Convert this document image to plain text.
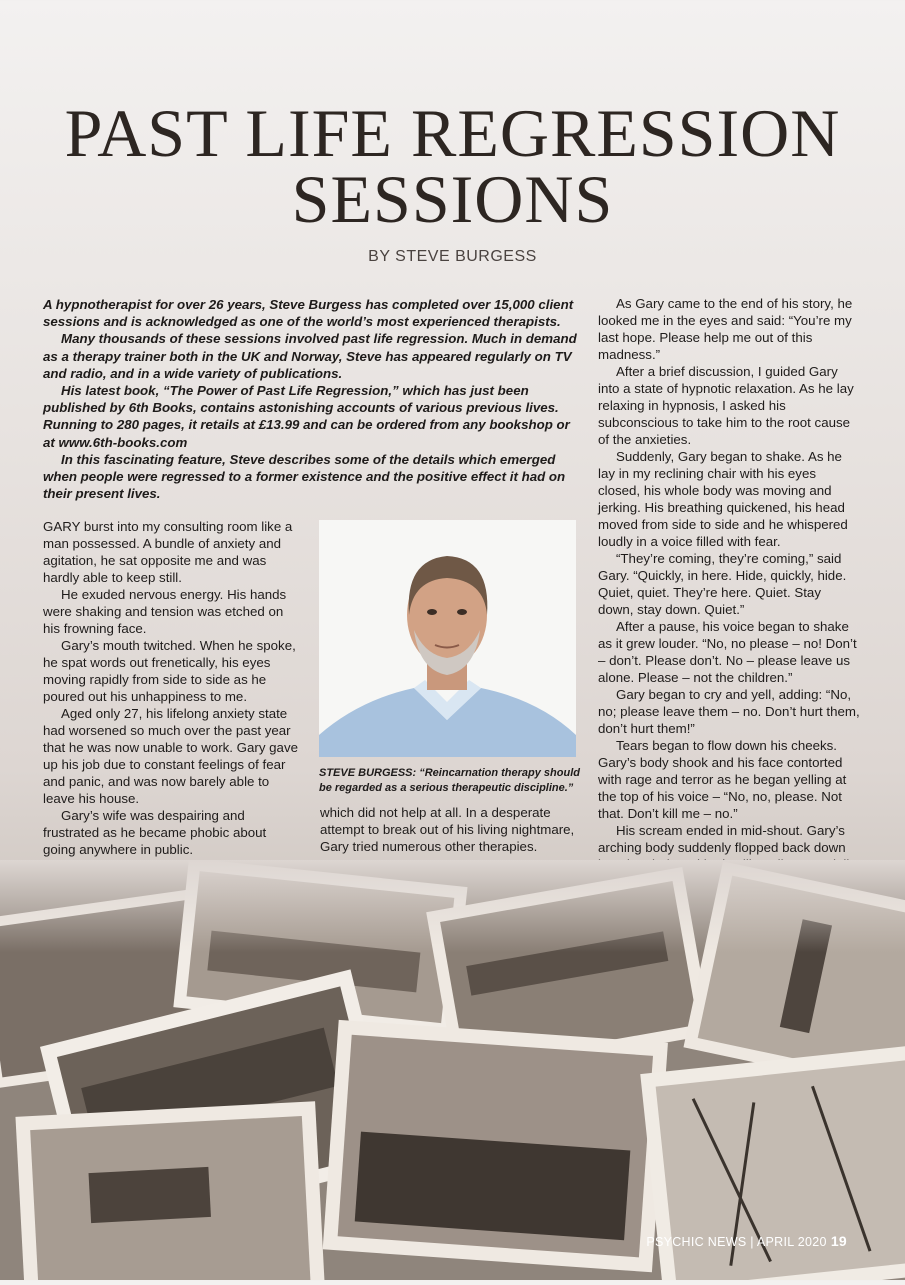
PAST LIFE REGRESSION SESSIONS
BY STEVE BURGESS

A hypnotherapist for over 26 years, Steve Burgess has completed over 15,000 client sessions and is acknowledged as one of the world’s most experienced therapists.

Many thousands of these sessions involved past life regression. Much in demand as a therapy trainer both in the UK and Norway, Steve has appeared regularly on TV and radio, and in a wide variety of publications.

His latest book, “The Power of Past Life Regression,” which has just been published by 6th Books, contains astonishing accounts of various previous lives. Running to 280 pages, it retails at £13.99 and can be ordered from any bookshop or at www.6th-books.com

In this fascinating feature, Steve describes some of the details which emerged when people were regressed to a former existence and the positive effect it had on their present lives.

GARY burst into my consulting room like a man possessed. A bundle of anxiety and agitation, he sat opposite me and was hardly able to keep still.

He exuded nervous energy. His hands were shaking and tension was etched on his frowning face.

Gary’s mouth twitched. When he spoke, he spat words out frenetically, his eyes moving rapidly from side to side as he poured out his unhappiness to me.

Aged only 27, his lifelong anxiety state had worsened so much over the past year that he was now unable to work. Gary gave up his job due to constant feelings of fear and panic, and was now barely able to leave his house.

Gary’s wife was despairing and frustrated as he became phobic about going anywhere in public.

STEVE BURGESS: “Reincarnation therapy should be regarded as a serious therapeutic discipline.”

which did not help at all. In a desperate attempt to break out of his living nightmare, Gary tried numerous other therapies.

As Gary came to the end of his story, he looked me in the eyes and said: “You’re my last hope. Please help me out of this madness.”

After a brief discussion, I guided Gary into a state of hypnotic relaxation. As he lay relaxing in hypnosis, I asked his subconscious to take him to the root cause of the anxieties.

Suddenly, Gary began to shake. As he lay in my reclining chair with his eyes closed, his whole body was moving and jerking. His breathing quickened, his head moved from side to side and he whispered loudly in a voice filled with fear.

“They’re coming, they’re coming,” said Gary. “Quickly, in here. Hide, quickly, hide. Quiet, quiet. They’re here. Quiet. Stay down, stay down. Quiet.”

After a pause, his voice began to shake as it grew louder. “No, no please – no! Don’t – don’t. Please don’t. No – please leave us alone. Please – not the children.”

Gary began to cry and yell, adding: “No, no; please leave them – no. Don’t hurt them, don’t hurt them!”

Tears began to flow down his cheeks. Gary’s body shook and his face contorted with rage and terror as he began yelling at the top of his voice – “No, no, please. Not that. Don’t kill me – no.”

His scream ended in mid-shout. Gary’s arching body suddenly flopped back down

PSYCHIC NEWS | APRIL 2020 19
